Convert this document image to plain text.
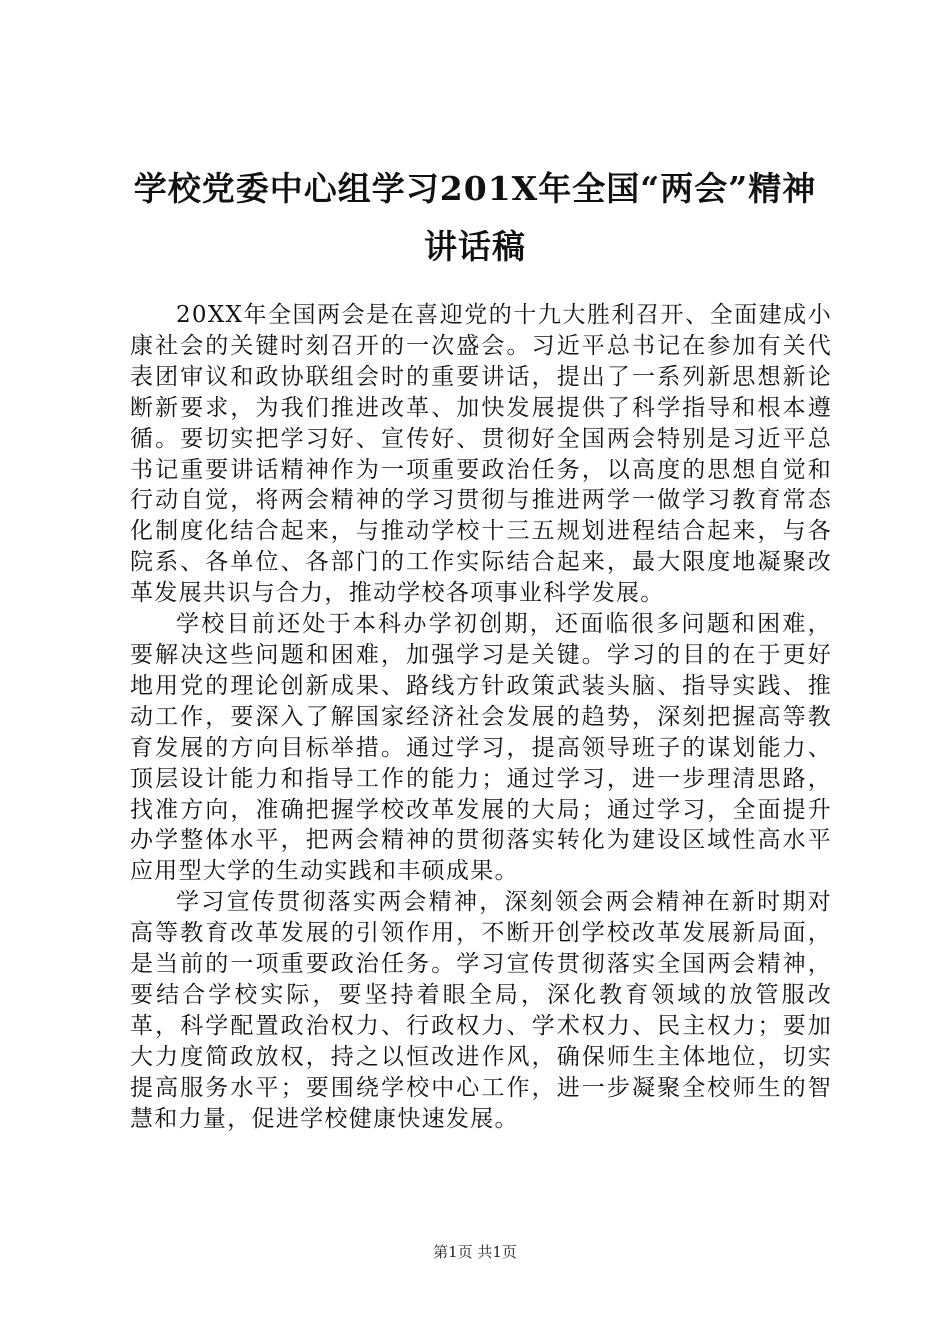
学校党委中心组学习201X年全国“两会”精神讲话稿

20XX年全国两会是在喜迎党的十九大胜利召开、全面建成小康社会的关键时刻召开的一次盛会。习近平总书记在参加有关代表团审议和政协联组会时的重要讲话，提出了一系列新思想新论断新要求，为我们推进改革、加快发展提供了科学指导和根本遵循。要切实把学习好、宣传好、贯彻好全国两会特别是习近平总书记重要讲话精神作为一项重要政治任务，以高度的思想自觉和行动自觉，将两会精神的学习贯彻与推进两学一做学习教育常态化制度化结合起来，与推动学校十三五规划进程结合起来，与各院系、各单位、各部门的工作实际结合起来，最大限度地凝聚改革发展共识与合力，推动学校各项事业科学发展。

学校目前还处于本科办学初创期，还面临很多问题和困难，要解决这些问题和困难，加强学习是关键。学习的目的在于更好地用党的理论创新成果、路线方针政策武装头脑、指导实践、推动工作，要深入了解国家经济社会发展的趋势，深刻把握高等教育发展的方向目标举措。通过学习，提高领导班子的谋划能力、顶层设计能力和指导工作的能力；通过学习，进一步理清思路，找准方向，准确把握学校改革发展的大局；通过学习，全面提升办学整体水平，把两会精神的贯彻落实转化为建设区域性高水平应用型大学的生动实践和丰硕成果。

学习宣传贯彻落实两会精神，深刻领会两会精神在新时期对高等教育改革发展的引领作用，不断开创学校改革发展新局面，是当前的一项重要政治任务。学习宣传贯彻落实全国两会精神，要结合学校实际，要坚持着眼全局，深化教育领域的放管服改革，科学配置政治权力、行政权力、学术权力、民主权力；要加大力度简政放权，持之以恒改进作风，确保师生主体地位，切实提高服务水平；要围绕学校中心工作，进一步凝聚全校师生的智慧和力量，促进学校健康快速发展。

第1页 共1页
